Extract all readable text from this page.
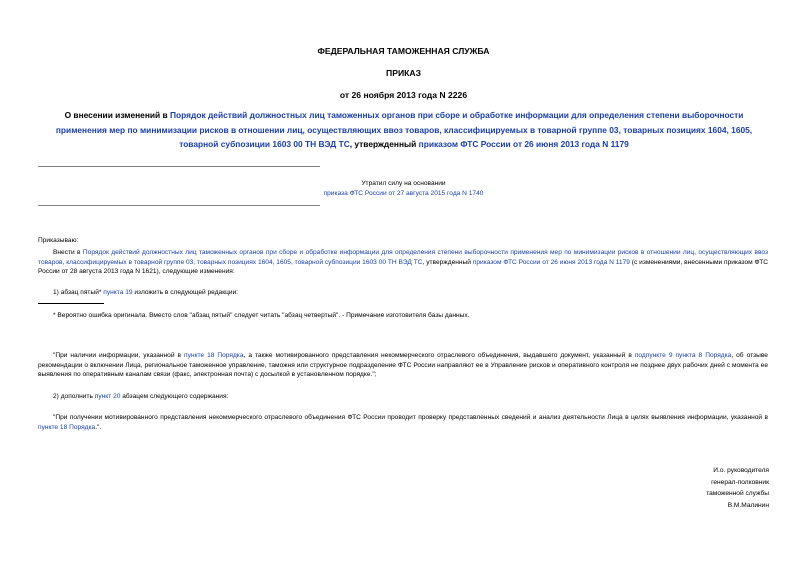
ФЕДЕРАЛЬНАЯ ТАМОЖЕННАЯ СЛУЖБА
ПРИКАЗ
от 26 ноября 2013 года N 2226
О внесении изменений в Порядок действий должностных лиц таможенных органов при сборе и обработке информации для определения степени выборочности применения мер по минимизации рисков в отношении лиц, осуществляющих ввоз товаров, классифицируемых в товарной группе 03, товарных позициях 1604, 1605, товарной субпозиции 1603 00 ТН ВЭД ТС, утвержденный приказом ФТС России от 26 июня 2013 года N 1179
Утратил силу на основании
приказа ФТС России от 27 августа 2015 года N 1740
Приказываю:
Внести в Порядок действий должностных лиц таможенных органов при сборе и обработке информации для определения степени выборочности применения мер по минимизации рисков в отношении лиц, осуществляющих ввоз товаров, классифицируемых в товарной группе 03, товарных позициях 1604, 1605, товарной субпозиции 1603 00 ТН ВЭД ТС, утвержденный приказом ФТС России от 26 июня 2013 года N 1179 (с изменениями, внесенными приказом ФТС России от 28 августа 2013 года N 1621), следующие изменения:
1) абзац пятый* пункта 19 изложить в следующей редакции:
* Вероятно ошибка оригинала. Вместо слов "абзац пятый" следует читать "абзац четвертый". - Примечание изготовителя базы данных.
"При наличии информации, указанной в пункте 18 Порядка, а также мотивированного представления некоммерческого отраслевого объединения, выдавшего документ, указанный в подпункте 9 пункта 8 Порядка, об отзыве рекомендации о включении Лица, региональное таможенное управление, таможня или структурное подразделение ФТС России направляют ее в Управление рисков и оперативного контроля не позднее двух рабочих дней с момента ее выявления по оперативным каналам связи (факс, электронная почта) с досылкой в установленном порядке.";
2) дополнить пункт 20 абзацем следующего содержания:
"При получении мотивированного представления некоммерческого отраслевого объединения ФТС России проводит проверку представленных сведений и анализ деятельности Лица в целях выявления информации, указанной в пункте 18 Порядка.".
И.о. руководителя
генерал-полковник
таможенной службы
В.М.Малинин
